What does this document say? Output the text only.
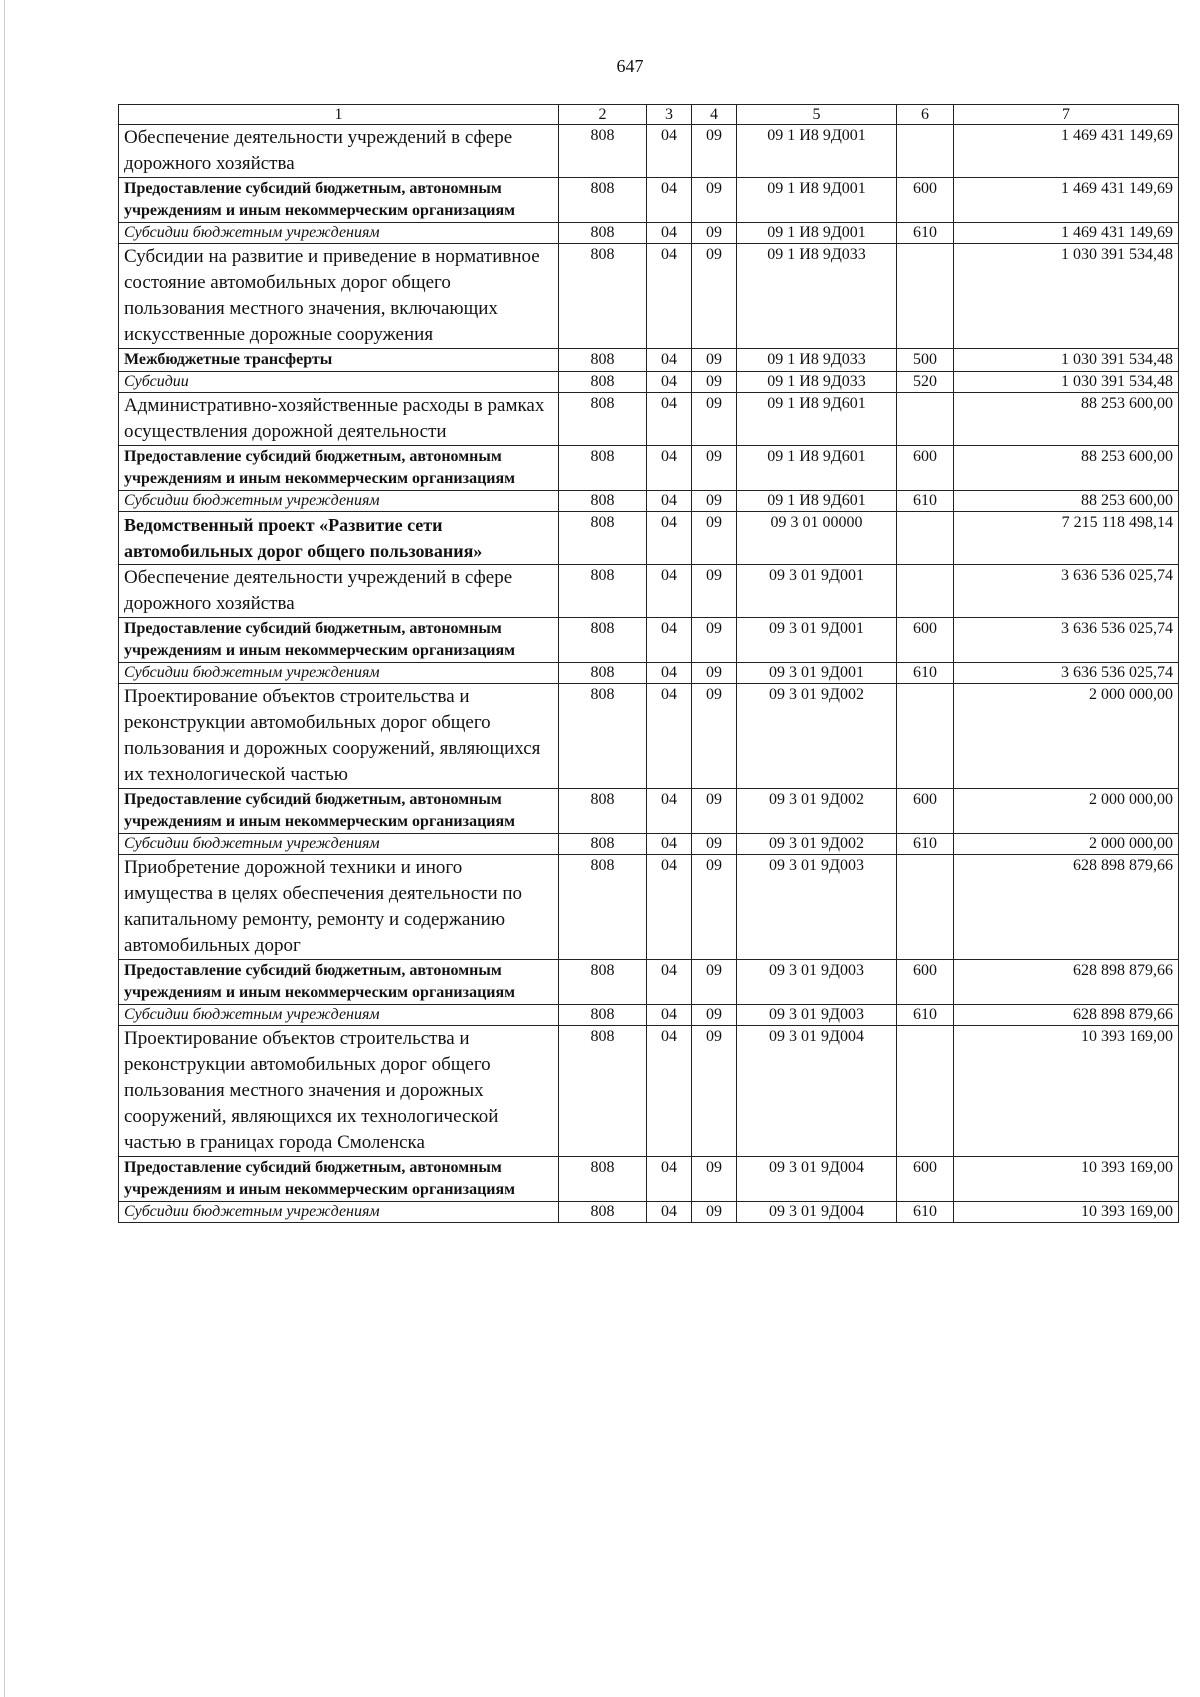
647
1	2	3	4	5	6	7
Обеспечение деятельности учреждений в сфере дорожного хозяйства	808	04	09	09 1 И8 9Д001		1 469 431 149,69
Предоставление субсидий бюджетным, автономным учреждениям и иным некоммерческим организациям	808	04	09	09 1 И8 9Д001	600	1 469 431 149,69
Субсидии бюджетным учреждениям	808	04	09	09 1 И8 9Д001	610	1 469 431 149,69
Субсидии на развитие и приведение в нормативное состояние автомобильных дорог общего пользования местного значения, включающих искусственные дорожные сооружения	808	04	09	09 1 И8 9Д033		1 030 391 534,48
Межбюджетные трансферты	808	04	09	09 1 И8 9Д033	500	1 030 391 534,48
Субсидии	808	04	09	09 1 И8 9Д033	520	1 030 391 534,48
Административно-хозяйственные расходы в рамках осуществления дорожной деятельности	808	04	09	09 1 И8 9Д601		88 253 600,00
Предоставление субсидий бюджетным, автономным учреждениям и иным некоммерческим организациям	808	04	09	09 1 И8 9Д601	600	88 253 600,00
Субсидии бюджетным учреждениям	808	04	09	09 1 И8 9Д601	610	88 253 600,00
Ведомственный проект «Развитие сети автомобильных дорог общего пользования»	808	04	09	09 3 01 00000		7 215 118 498,14
Обеспечение деятельности учреждений в сфере дорожного хозяйства	808	04	09	09 3 01 9Д001		3 636 536 025,74
Предоставление субсидий бюджетным, автономным учреждениям и иным некоммерческим организациям	808	04	09	09 3 01 9Д001	600	3 636 536 025,74
Субсидии бюджетным учреждениям	808	04	09	09 3 01 9Д001	610	3 636 536 025,74
Проектирование объектов строительства и реконструкции автомобильных дорог общего пользования и дорожных сооружений, являющихся их технологической частью	808	04	09	09 3 01 9Д002		2 000 000,00
Предоставление субсидий бюджетным, автономным учреждениям и иным некоммерческим организациям	808	04	09	09 3 01 9Д002	600	2 000 000,00
Субсидии бюджетным учреждениям	808	04	09	09 3 01 9Д002	610	2 000 000,00
Приобретение дорожной техники и иного имущества в целях обеспечения деятельности по капитальному ремонту, ремонту и содержанию автомобильных дорог	808	04	09	09 3 01 9Д003		628 898 879,66
Предоставление субсидий бюджетным, автономным учреждениям и иным некоммерческим организациям	808	04	09	09 3 01 9Д003	600	628 898 879,66
Субсидии бюджетным учреждениям	808	04	09	09 3 01 9Д003	610	628 898 879,66
Проектирование объектов строительства и реконструкции автомобильных дорог общего пользования местного значения и дорожных сооружений, являющихся их технологической частью в границах города Смоленска	808	04	09	09 3 01 9Д004		10 393 169,00
Предоставление субсидий бюджетным, автономным учреждениям и иным некоммерческим организациям	808	04	09	09 3 01 9Д004	600	10 393 169,00
Субсидии бюджетным учреждениям	808	04	09	09 3 01 9Д004	610	10 393 169,00
